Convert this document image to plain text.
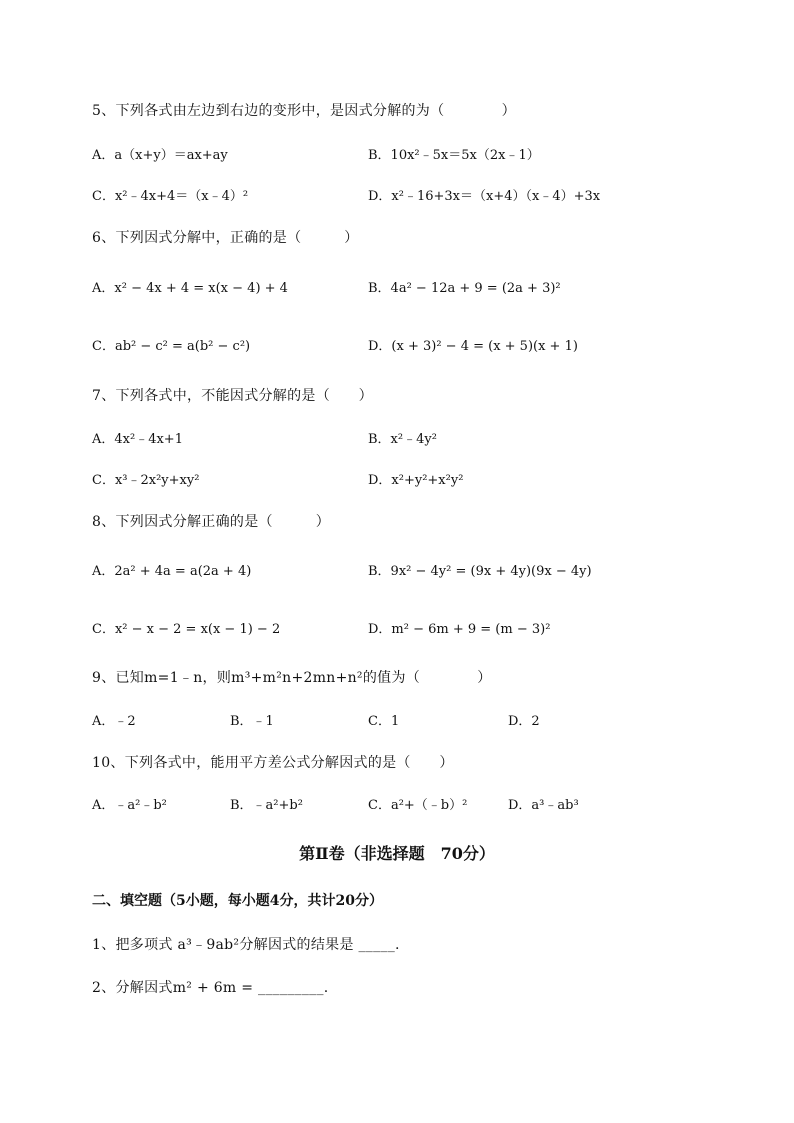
5、下列各式由左边到右边的变形中，是因式分解的为（　　　　）
A．a（x+y）＝ax+ay	B．10x²﹣5x＝5x（2x﹣1）
C．x²﹣4x+4＝（x﹣4）²	D．x²﹣16+3x＝（x+4）（x﹣4）+3x
6、下列因式分解中，正确的是（　　　）
A．x² − 4x + 4 = x(x − 4) + 4	B．4a² − 12a + 9 = (2a + 3)²
C．ab² − c² = a(b² − c²)	D．(x + 3)² − 4 = (x + 5)(x + 1)
7、下列各式中，不能因式分解的是（　　）
A．4x²﹣4x+1	B．x²﹣4y²
C．x³﹣2x²y+xy²	D．x²+y²+x²y²
8、下列因式分解正确的是（　　　）
A．2a² + 4a = a(2a + 4)	B．9x² − 4y² = (9x + 4y)(9x − 4y)
C．x² − x − 2 = x(x − 1) − 2	D．m² − 6m + 9 = (m − 3)²
9、已知m=1﹣n，则m³+m²n+2mn+n²的值为（　　　　）
A．﹣2	B．﹣1	C．1	D．2
10、下列各式中，能用平方差公式分解因式的是（　　）
A．﹣a²﹣b²	B．﹣a²+b²	C．a²+（﹣b）²	D．a³﹣ab³
第Ⅱ卷（非选择题　70分）
二、填空题（5小题，每小题4分，共计20分）
1、把多项式 a³﹣9ab²分解因式的结果是 _____.
2、分解因式m² + 6m = _________.
